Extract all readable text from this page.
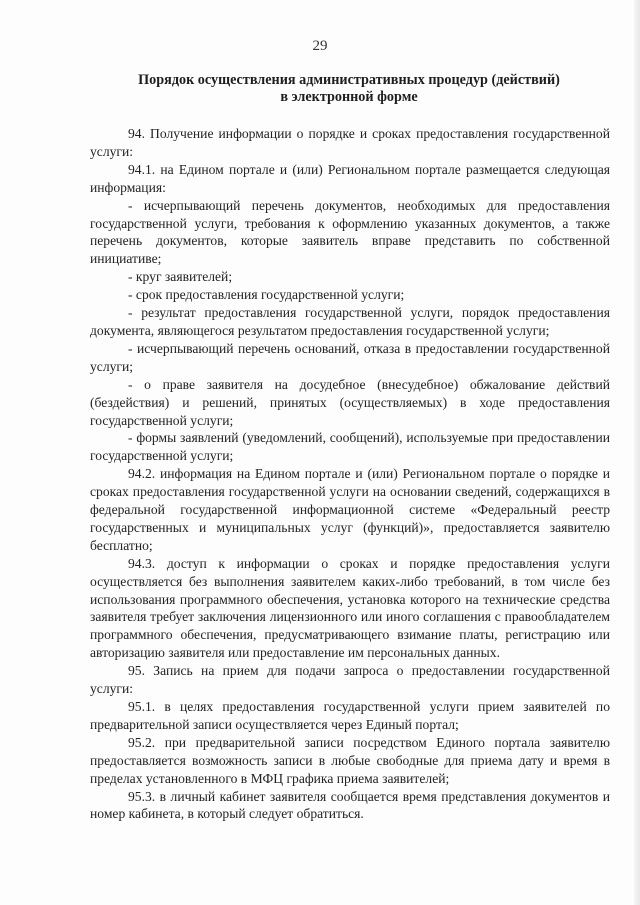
29
Порядок осуществления административных процедур (действий)
в электронной форме

94. Получение информации о порядке и сроках предоставления государственной услуги:

94.1. на Едином портале и (или) Региональном портале размещается следующая информация:

- исчерпывающий перечень документов, необходимых для предоставления государственной услуги, требования к оформлению указанных документов, а также перечень документов, которые заявитель вправе представить по собственной инициативе;

- круг заявителей;

- срок предоставления государственной услуги;

- результат предоставления государственной услуги, порядок предоставления документа, являющегося результатом предоставления государственной услуги;

- исчерпывающий перечень оснований, отказа в предоставлении государственной услуги;

- о праве заявителя на досудебное (внесудебное) обжалование действий (бездействия) и решений, принятых (осуществляемых) в ходе предоставления государственной услуги;

- формы заявлений (уведомлений, сообщений), используемые при предоставлении государственной услуги;

94.2. информация на Едином портале и (или) Региональном портале о порядке и сроках предоставления государственной услуги на основании сведений, содержащихся в федеральной государственной информационной системе «Федеральный реестр государственных и муниципальных услуг (функций)», предоставляется заявителю бесплатно;

94.3. доступ к информации о сроках и порядке предоставления услуги осуществляется без выполнения заявителем каких-либо требований, в том числе без использования программного обеспечения, установка которого на технические средства заявителя требует заключения лицензионного или иного соглашения с правообладателем программного обеспечения, предусматривающего взимание платы, регистрацию или авторизацию заявителя или предоставление им персональных данных.

95. Запись на прием для подачи запроса о предоставлении государственной услуги:

95.1. в целях предоставления государственной услуги прием заявителей по предварительной записи осуществляется через Единый портал;

95.2. при предварительной записи посредством Единого портала заявителю предоставляется возможность записи в любые свободные для приема дату и время в пределах установленного в МФЦ графика приема заявителей;

95.3. в личный кабинет заявителя сообщается время представления документов и номер кабинета, в который следует обратиться.
